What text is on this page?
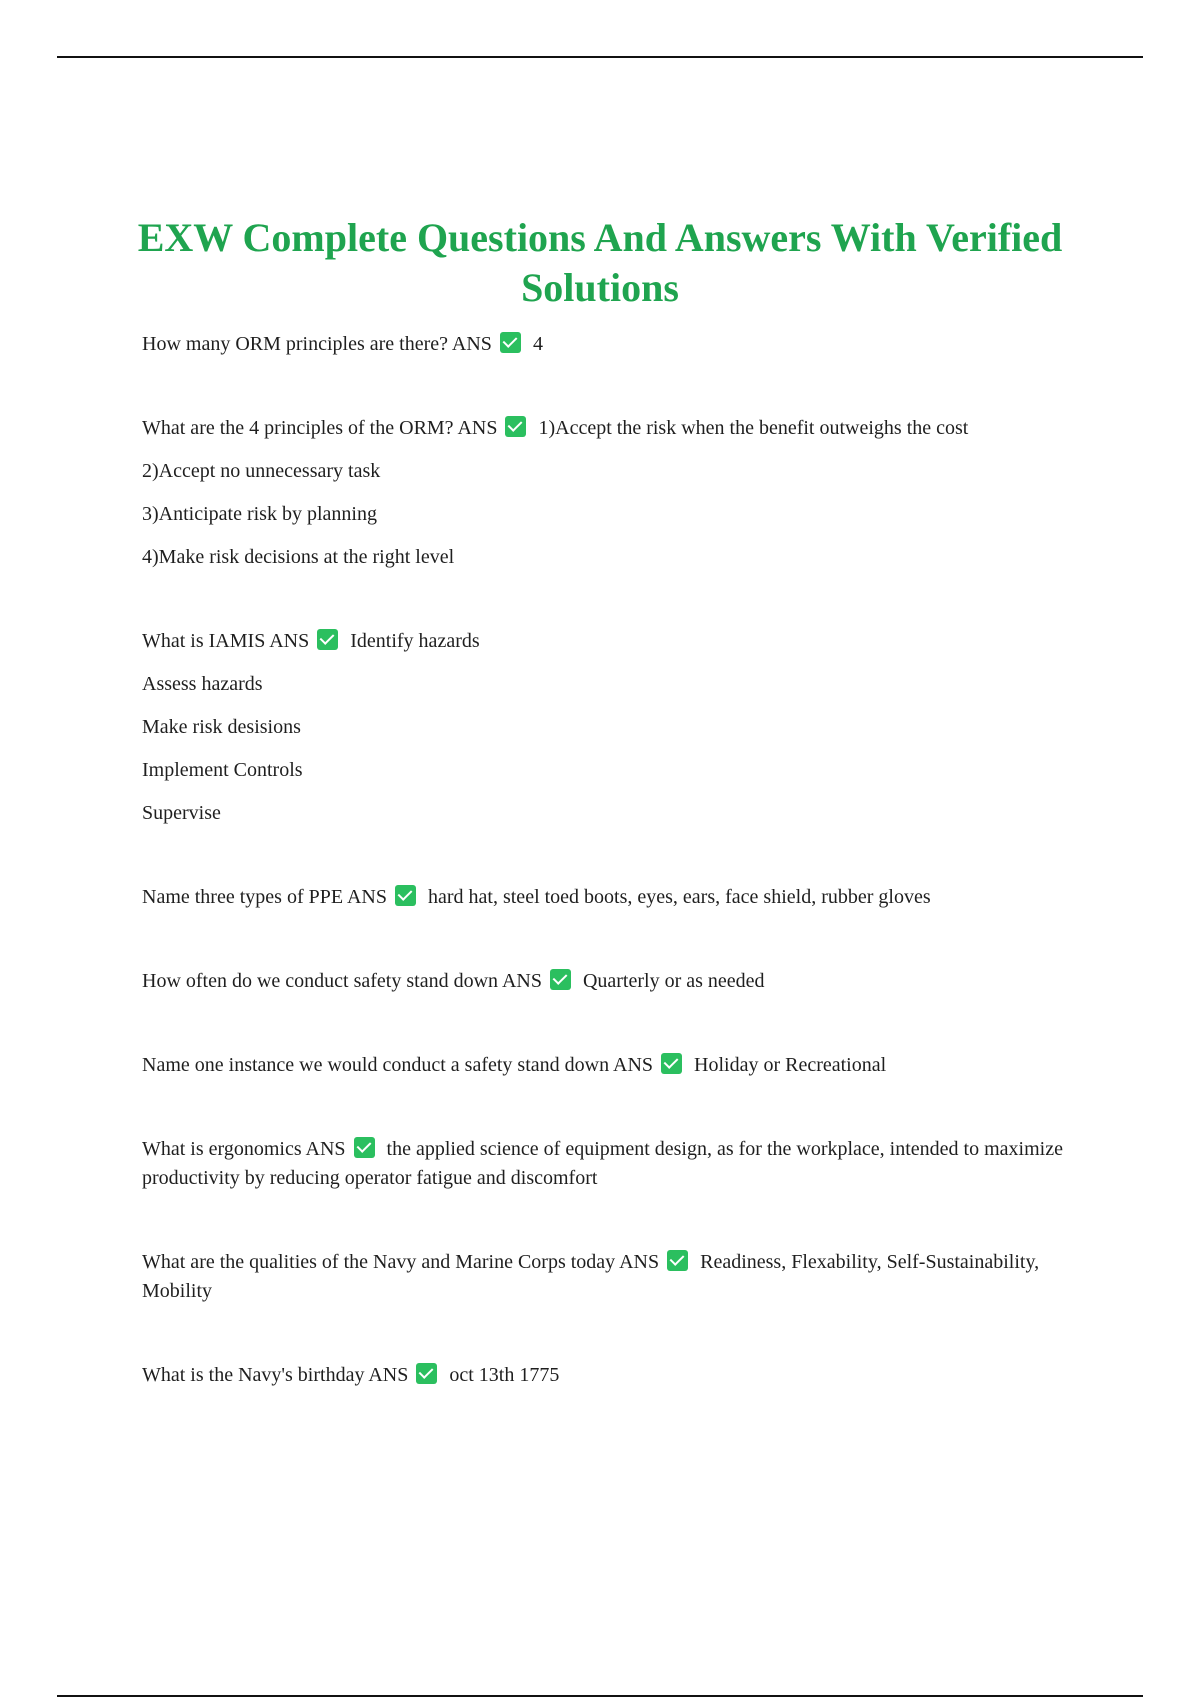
EXW Complete Questions And Answers With Verified Solutions

How many ORM principles are there? ANS 4

What are the 4 principles of the ORM? ANS 1)Accept the risk when the benefit outweighs the cost

2)Accept no unnecessary task

3)Anticipate risk by planning

4)Make risk decisions at the right level

What is IAMIS ANS Identify hazards

Assess hazards

Make risk desisions

Implement Controls

Supervise

Name three types of PPE ANS hard hat, steel toed boots, eyes, ears, face shield, rubber gloves

How often do we conduct safety stand down ANS Quarterly or as needed

Name one instance we would conduct a safety stand down ANS Holiday or Recreational

What is ergonomics ANS the applied science of equipment design, as for the workplace, intended to maximize productivity by reducing operator fatigue and discomfort

What are the qualities of the Navy and Marine Corps today ANS Readiness, Flexability, Self-Sustainability, Mobility

What is the Navy's birthday ANS oct 13th 1775
